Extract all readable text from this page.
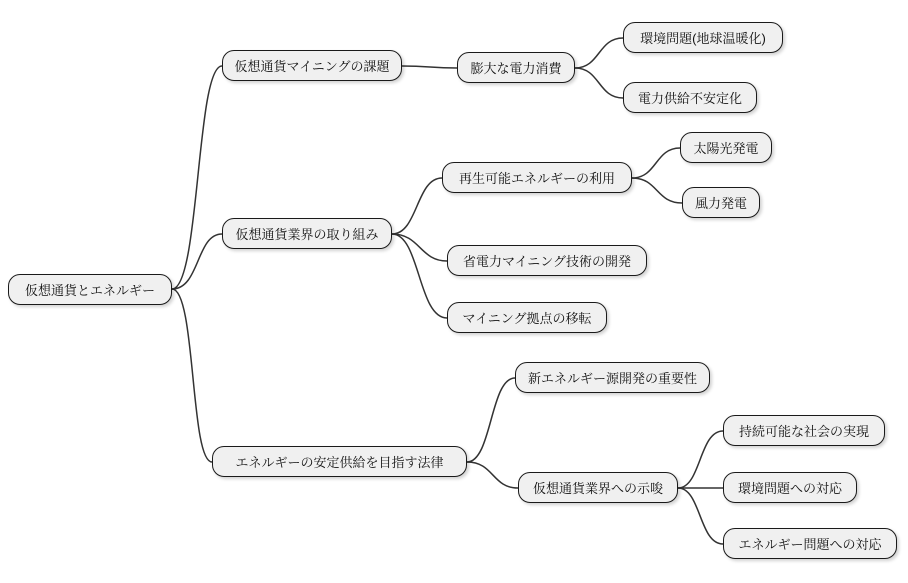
仮想通貨とエネルギー
仮想通貨マイニングの課題	膨大な電力消費
環境問題(地球温暖化)
電力供給不安定化
仮想通貨業界の取り組み
再生可能エネルギーの利用
太陽光発電
風力発電
省電力マイニング技術の開発
マイニング拠点の移転
エネルギーの安定供給を目指す法律
新エネルギー源開発の重要性
仮想通貨業界への示唆
持続可能な社会の実現
環境問題への対応
エネルギー問題への対応
